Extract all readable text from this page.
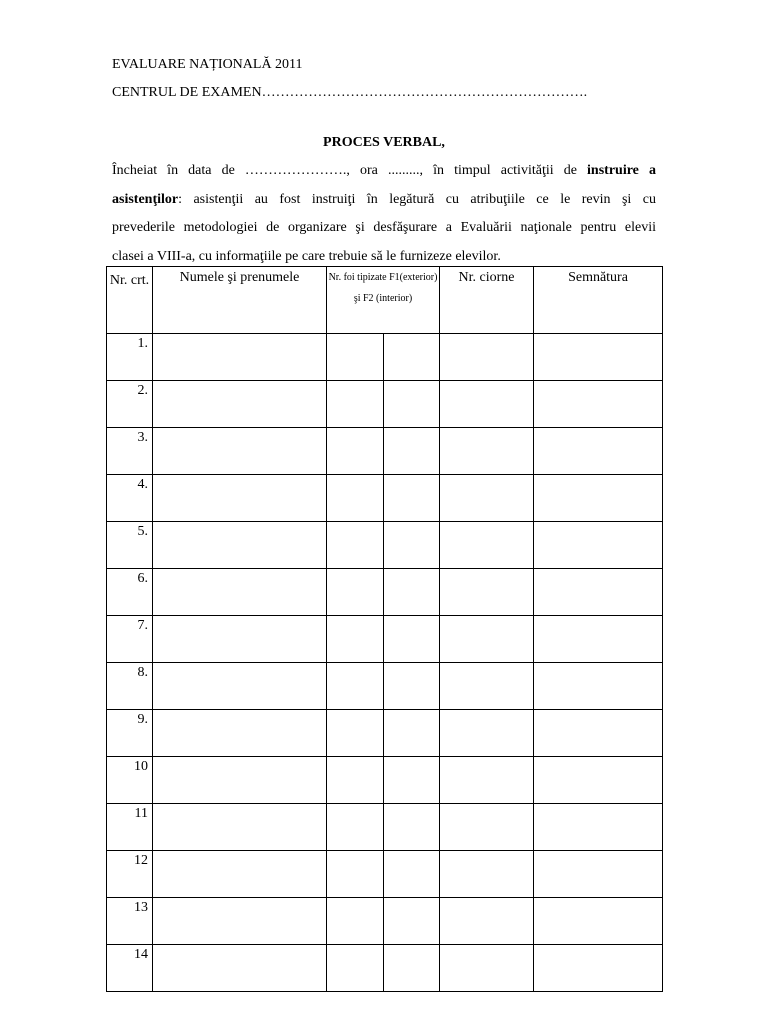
EVALUARE NAȚIONALĂ 2011
CENTRUL DE EXAMEN…………………………………………………………….
PROCES VERBAL,
Încheiat în data de …………………., ora ........., în timpul activităţii de instruire a
asistenţilor: asistenţii au fost instruiţi în legătură cu atribuţiile ce le revin şi cu
prevederile metodologiei de organizare şi desfăşurare a Evaluării naţionale pentru elevii
clasei a VIII-a, cu informaţiile pe care trebuie să le furnizeze elevilor.
Nr. crt.	Numele şi prenumele	Nr. foi tipizate F1(exterior) şi F2 (interior)		Nr. ciorne	Semnătura
1.					
2.					
3.					
4.					
5.					
6.					
7.					
8.					
9.					
10					
11					
12					
13					
14					
